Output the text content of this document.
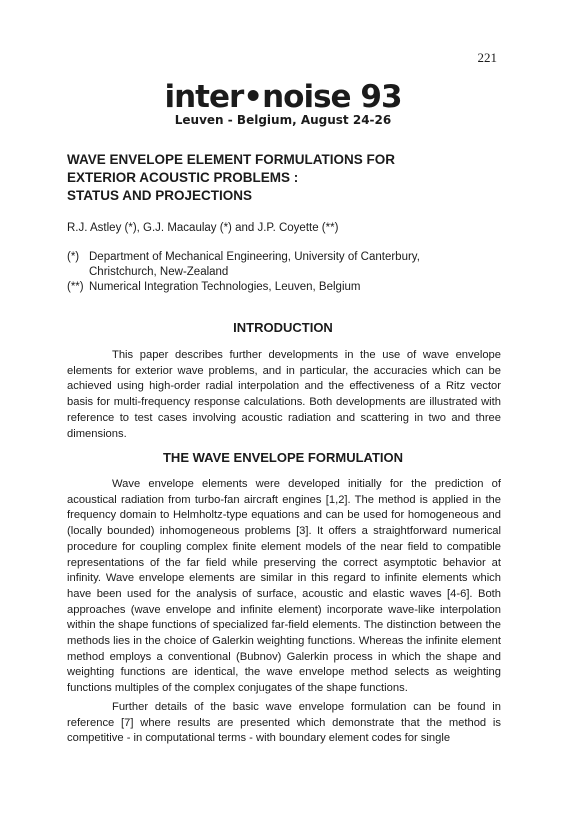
221
inter•noise 93
Leuven - Belgium, August 24-26
WAVE ENVELOPE ELEMENT FORMULATIONS FOR
EXTERIOR ACOUSTIC PROBLEMS :
STATUS AND PROJECTIONS
R.J. Astley (*), G.J. Macaulay (*) and J.P. Coyette (**)
(*) Department of Mechanical Engineering, University of Canterbury,
Christchurch, New-Zealand
(**) Numerical Integration Technologies, Leuven, Belgium
INTRODUCTION

This paper describes further developments in the use of wave envelope elements for exterior wave problems, and in particular, the accuracies which can be achieved using high-order radial interpolation and the effectiveness of a Ritz vector basis for multi-frequency response calculations. Both developments are illustrated with reference to test cases involving acoustic radiation and scattering in two and three dimensions.

THE WAVE ENVELOPE FORMULATION

Wave envelope elements were developed initially for the prediction of acoustical radiation from turbo-fan aircraft engines [1,2]. The method is applied in the frequency domain to Helmholtz-type equations and can be used for homogeneous and (locally bounded) inhomogeneous problems [3]. It offers a straightforward numerical procedure for coupling complex finite element models of the near field to compatible representations of the far field while preserving the correct asymptotic behavior at infinity. Wave envelope elements are similar in this regard to infinite elements which have been used for the analysis of surface, acoustic and elastic waves [4-6]. Both approaches (wave envelope and infinite element) incorporate wave-like interpolation within the shape functions of specialized far-field elements. The distinction between the methods lies in the choice of Galerkin weighting functions. Whereas the infinite element method employs a conventional (Bubnov) Galerkin process in which the shape and weighting functions are identical, the wave envelope method selects as weighting functions multiples of the complex conjugates of the shape functions.

Further details of the basic wave envelope formulation can be found in reference [7] where results are presented which demonstrate that the method is competitive - in computational terms - with boundary element codes for single
